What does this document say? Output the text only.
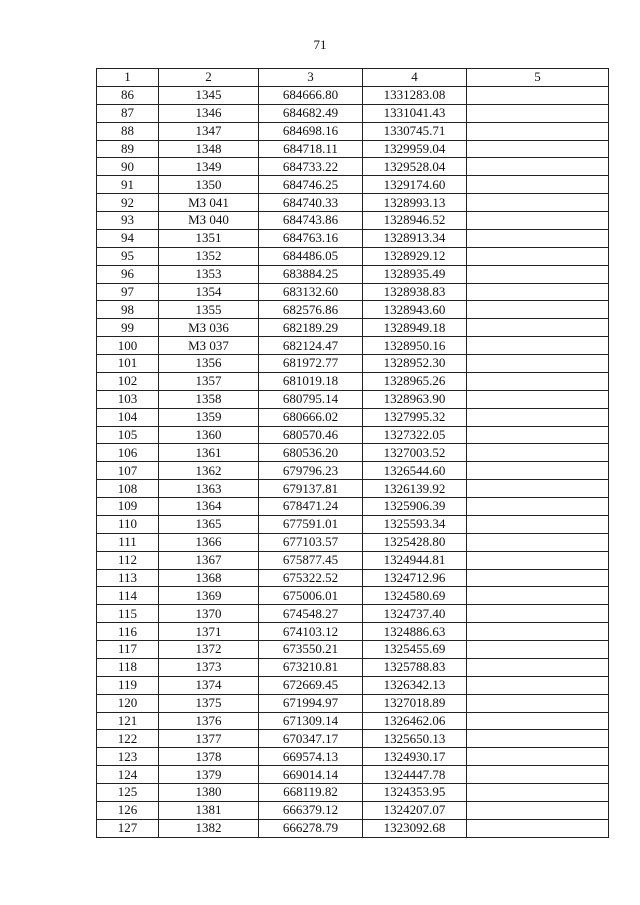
71
1	2	3	4	5
86	1345	684666.80	1331283.08	
87	1346	684682.49	1331041.43	
88	1347	684698.16	1330745.71	
89	1348	684718.11	1329959.04	
90	1349	684733.22	1329528.04	
91	1350	684746.25	1329174.60	
92	МЗ 041	684740.33	1328993.13	
93	МЗ 040	684743.86	1328946.52	
94	1351	684763.16	1328913.34	
95	1352	684486.05	1328929.12	
96	1353	683884.25	1328935.49	
97	1354	683132.60	1328938.83	
98	1355	682576.86	1328943.60	
99	МЗ 036	682189.29	1328949.18	
100	МЗ 037	682124.47	1328950.16	
101	1356	681972.77	1328952.30	
102	1357	681019.18	1328965.26	
103	1358	680795.14	1328963.90	
104	1359	680666.02	1327995.32	
105	1360	680570.46	1327322.05	
106	1361	680536.20	1327003.52	
107	1362	679796.23	1326544.60	
108	1363	679137.81	1326139.92	
109	1364	678471.24	1325906.39	
110	1365	677591.01	1325593.34	
111	1366	677103.57	1325428.80	
112	1367	675877.45	1324944.81	
113	1368	675322.52	1324712.96	
114	1369	675006.01	1324580.69	
115	1370	674548.27	1324737.40	
116	1371	674103.12	1324886.63	
117	1372	673550.21	1325455.69	
118	1373	673210.81	1325788.83	
119	1374	672669.45	1326342.13	
120	1375	671994.97	1327018.89	
121	1376	671309.14	1326462.06	
122	1377	670347.17	1325650.13	
123	1378	669574.13	1324930.17	
124	1379	669014.14	1324447.78	
125	1380	668119.82	1324353.95	
126	1381	666379.12	1324207.07	
127	1382	666278.79	1323092.68	
